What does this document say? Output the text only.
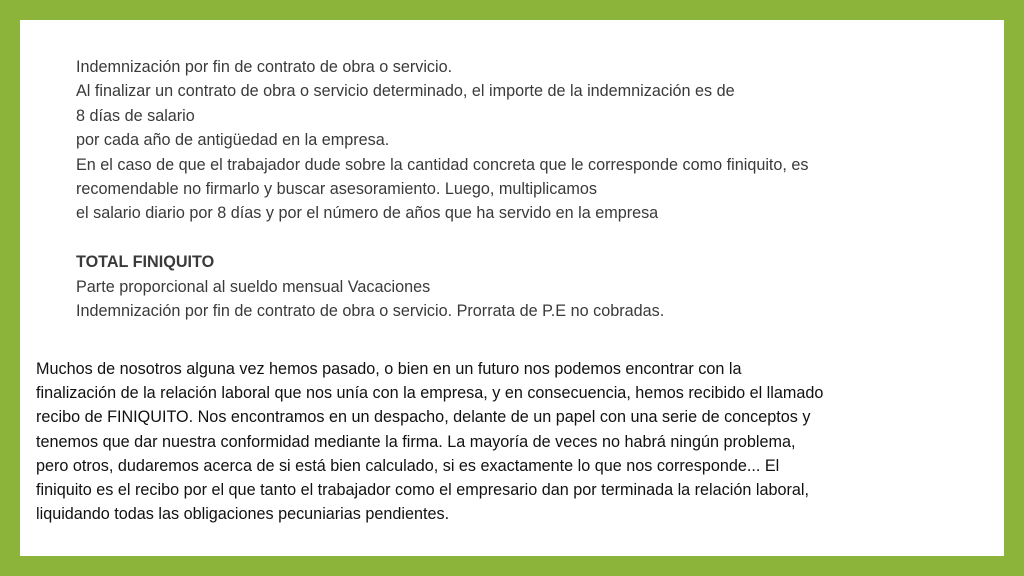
Indemnización por fin de contrato de obra o servicio.
Al finalizar un contrato de obra o servicio determinado, el importe de la indemnización es de
8 días de salario
por cada año de antigüedad en la empresa.
En el caso de que el trabajador dude sobre la cantidad concreta que le corresponde como finiquito, es
recomendable no firmarlo y buscar asesoramiento. Luego, multiplicamos
el salario diario por 8 días y por el número de años que ha servido en la empresa
TOTAL FINIQUITO
Parte proporcional al sueldo mensual Vacaciones
Indemnización por fin de contrato de obra o servicio. Prorrata de P.E no cobradas.
Muchos de nosotros alguna vez hemos pasado, o bien en un futuro nos podemos encontrar con la
finalización de la relación laboral que nos unía con la empresa, y en consecuencia, hemos recibido el llamado
recibo de FINIQUITO. Nos encontramos en un despacho, delante de un papel con una serie de conceptos y
tenemos que dar nuestra conformidad mediante la firma. La mayoría de veces no habrá ningún problema,
pero otros, dudaremos acerca de si está bien calculado, si es exactamente lo que nos corresponde... El
finiquito es el recibo por el que tanto el trabajador como el empresario dan por terminada la relación laboral,
liquidando todas las obligaciones pecuniarias pendientes.
